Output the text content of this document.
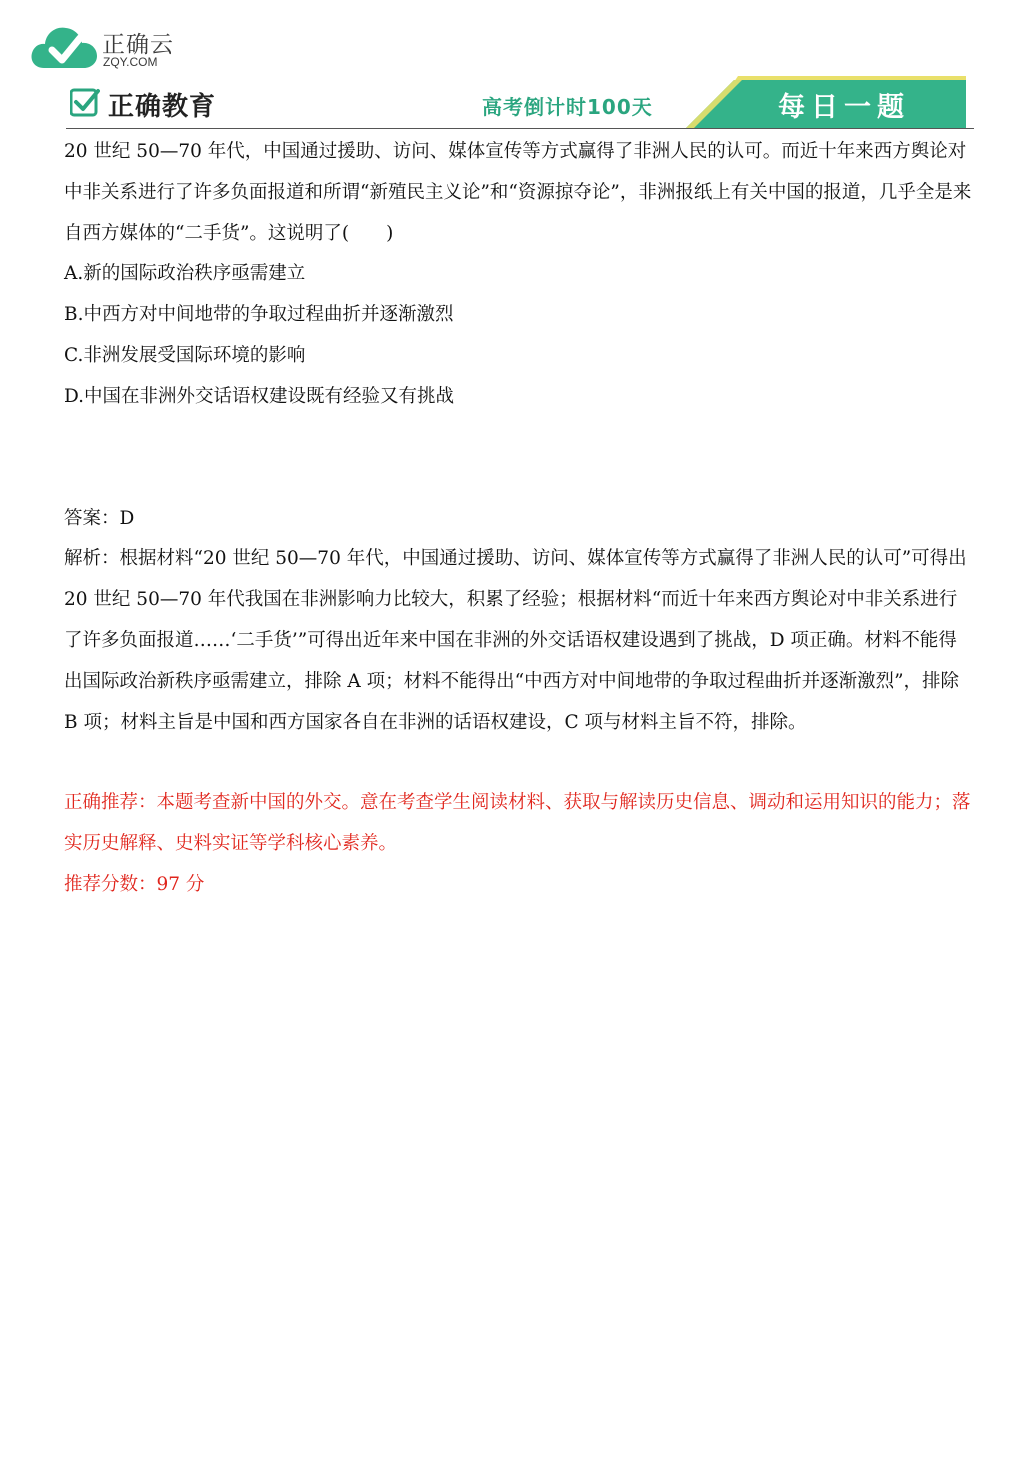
正确云
ZQY.COM
正确教育	高考倒计时100天	每日一题

20 世纪 50—70 年代，中国通过援助、访问、媒体宣传等方式赢得了非洲人民的认可。而近十年来西方舆论对中非关系进行了许多负面报道和所谓“新殖民主义论”和“资源掠夺论”，非洲报纸上有关中国的报道，几乎全是来自西方媒体的“二手货”。这说明了(　　)

A.新的国际政治秩序亟需建立

B.中西方对中间地带的争取过程曲折并逐渐激烈

C.非洲发展受国际环境的影响

D.中国在非洲外交话语权建设既有经验又有挑战

答案：D

解析：根据材料“20 世纪 50—70 年代，中国通过援助、访问、媒体宣传等方式赢得了非洲人民的认可”可得出 20 世纪 50—70 年代我国在非洲影响力比较大，积累了经验；根据材料“而近十年来西方舆论对中非关系进行了许多负面报道……‘二手货’”可得出近年来中国在非洲的外交话语权建设遇到了挑战，D 项正确。材料不能得出国际政治新秩序亟需建立，排除 A 项；材料不能得出“中西方对中间地带的争取过程曲折并逐渐激烈”，排除 B 项；材料主旨是中国和西方国家各自在非洲的话语权建设，C 项与材料主旨不符，排除。

正确推荐：本题考查新中国的外交。意在考查学生阅读材料、获取与解读历史信息、调动和运用知识的能力；落实历史解释、史料实证等学科核心素养。

推荐分数：97 分
